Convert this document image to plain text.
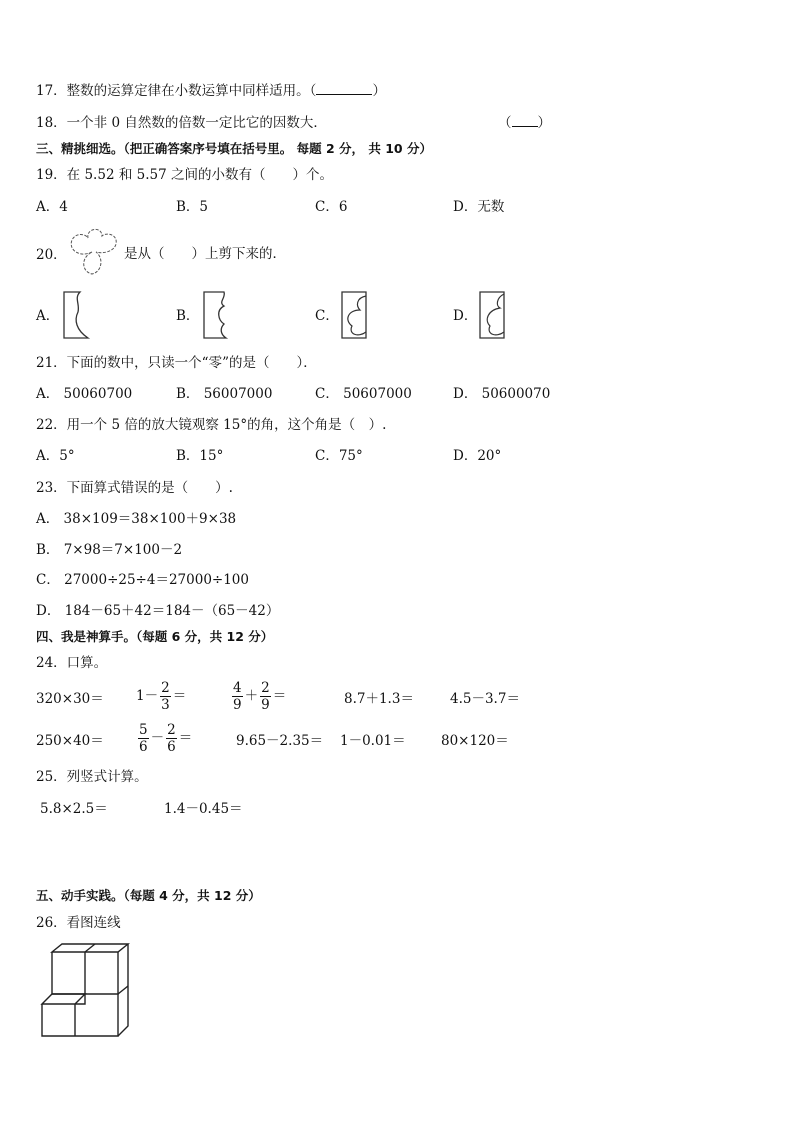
17．整数的运算定律在小数运算中同样适用。（	）
18．一个非 0 自然数的倍数一定比它的因数大．	（ ）
三、精挑细选。（把正确答案序号填在括号里。 每题 2 分， 共 10 分）
19．在 5.52 和 5.57 之间的小数有（　　）个。
A．4	B．5	C．6	D．无数
20．	是从（　　）上剪下来的．
A．	B．	C．	D．
21．下面的数中，只读一个“零”的是（　　）．
A． 50060700	B． 56007000	C． 50607000	D． 50600070
22．用一个 5 倍的放大镜观察 15°的角，这个角是（　）.
A．5°	B．15°	C．75°	D．20°
23．下面算式错误的是（　　）.
A． 38×109＝38×100＋9×38
B． 7×98＝7×100－2
C． 27000÷25÷4＝27000÷100
D． 184－65＋42＝184－（65－42）
四、我是神算手。（每题 6 分，共 12 分）
24．口算。
$320\times 30= 1- \frac{2}{3}$ ＝	$\frac{4}{9} + \frac{2}{9}$ ＝	8.7＋1.3＝	4.5－3.7＝
250×40＝	$\frac{5}{6} - \frac{2}{6}$ ＝	9.65－2.35＝ 1－0.01＝	80×120＝
25．列竖式计算。
5.8×2.5＝	1.4－0.45＝
五、动手实践。（每题 4 分，共 12 分）
26．看图连线
